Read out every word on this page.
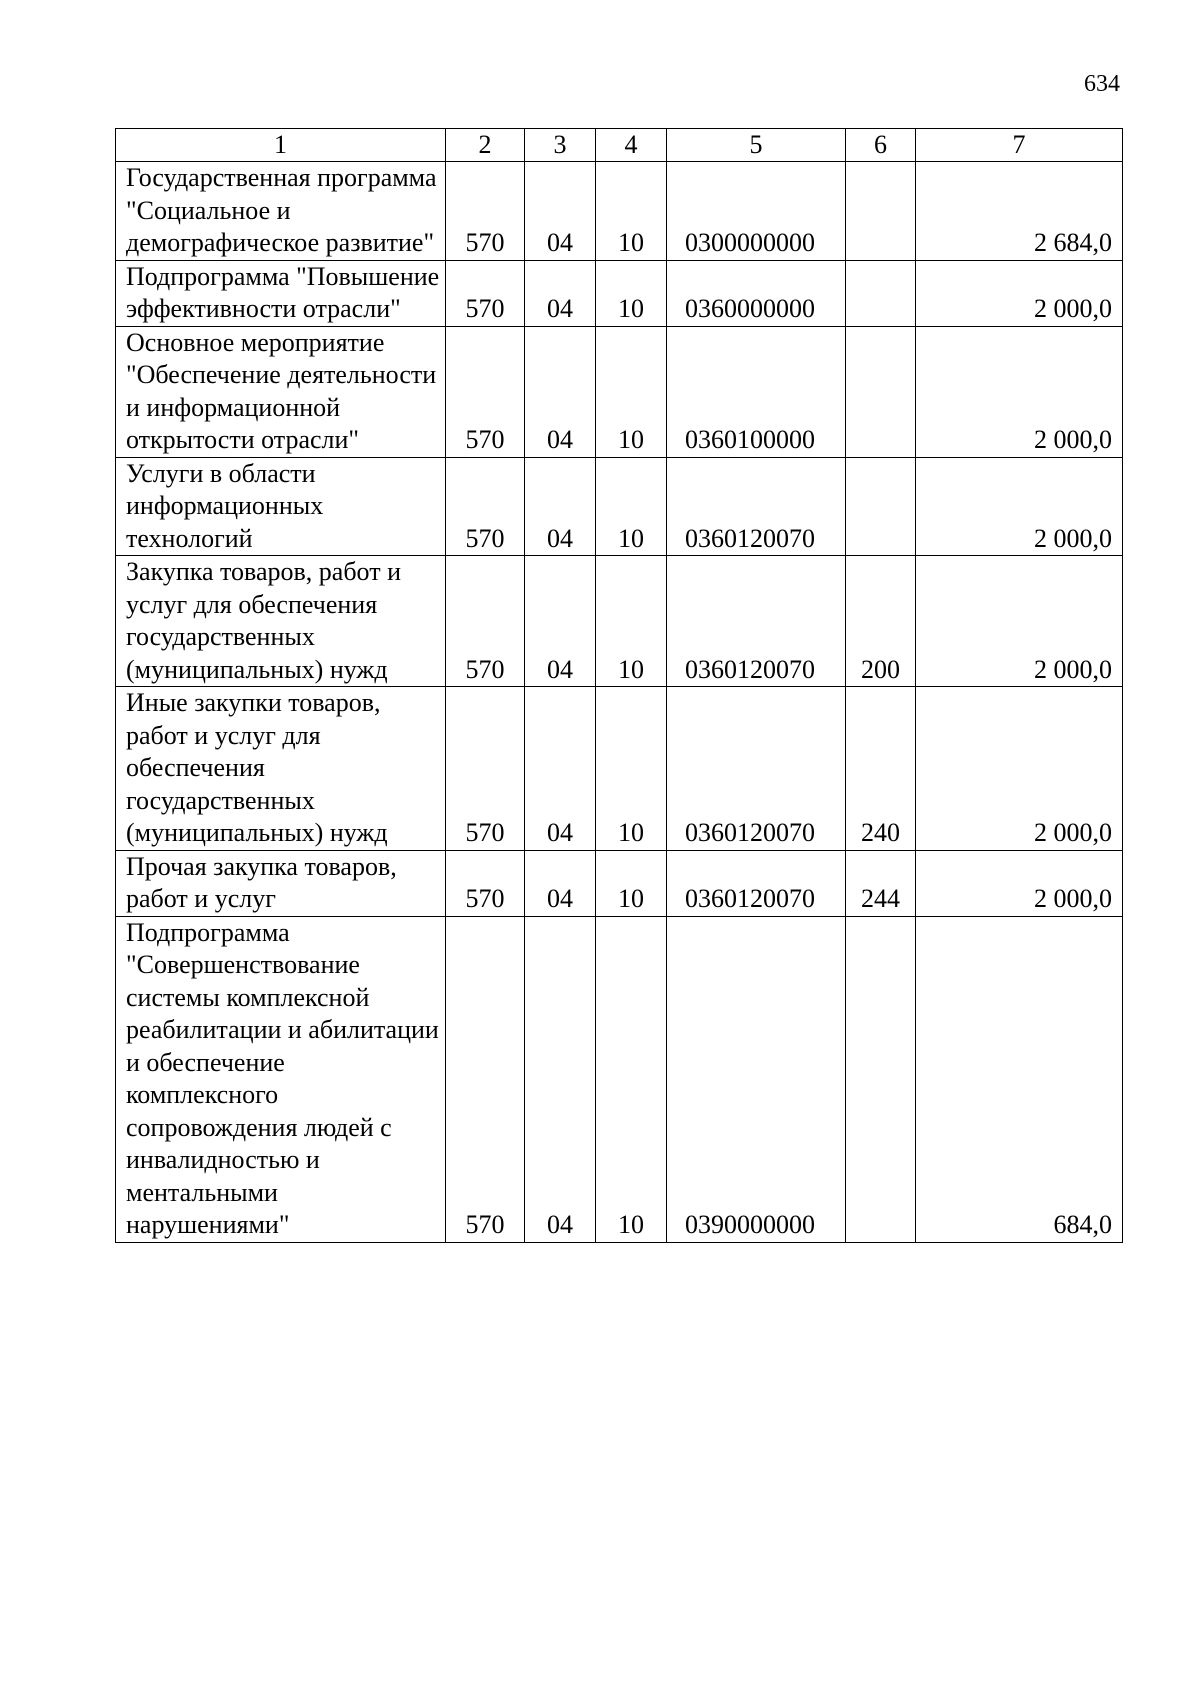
634
1	2	3	4	5	6	7
Государственная программа "Социальное и демографическое развитие"	570	04	10	0300000000		2 684,0
Подпрограмма "Повышение эффективности отрасли"	570	04	10	0360000000		2 000,0
Основное мероприятие "Обеспечение деятельности и информационной открытости отрасли"	570	04	10	0360100000		2 000,0
Услуги в области информационных технологий	570	04	10	0360120070		2 000,0
Закупка товаров, работ и услуг для обеспечения государственных (муниципальных) нужд	570	04	10	0360120070	200	2 000,0
Иные закупки товаров, работ и услуг для обеспечения государственных (муниципальных) нужд	570	04	10	0360120070	240	2 000,0
Прочая закупка товаров, работ и услуг	570	04	10	0360120070	244	2 000,0
Подпрограмма "Совершенствование системы комплексной реабилитации и абилитации и обеспечение комплексного сопровождения людей с инвалидностью и ментальными нарушениями"	570	04	10	0390000000		684,0
